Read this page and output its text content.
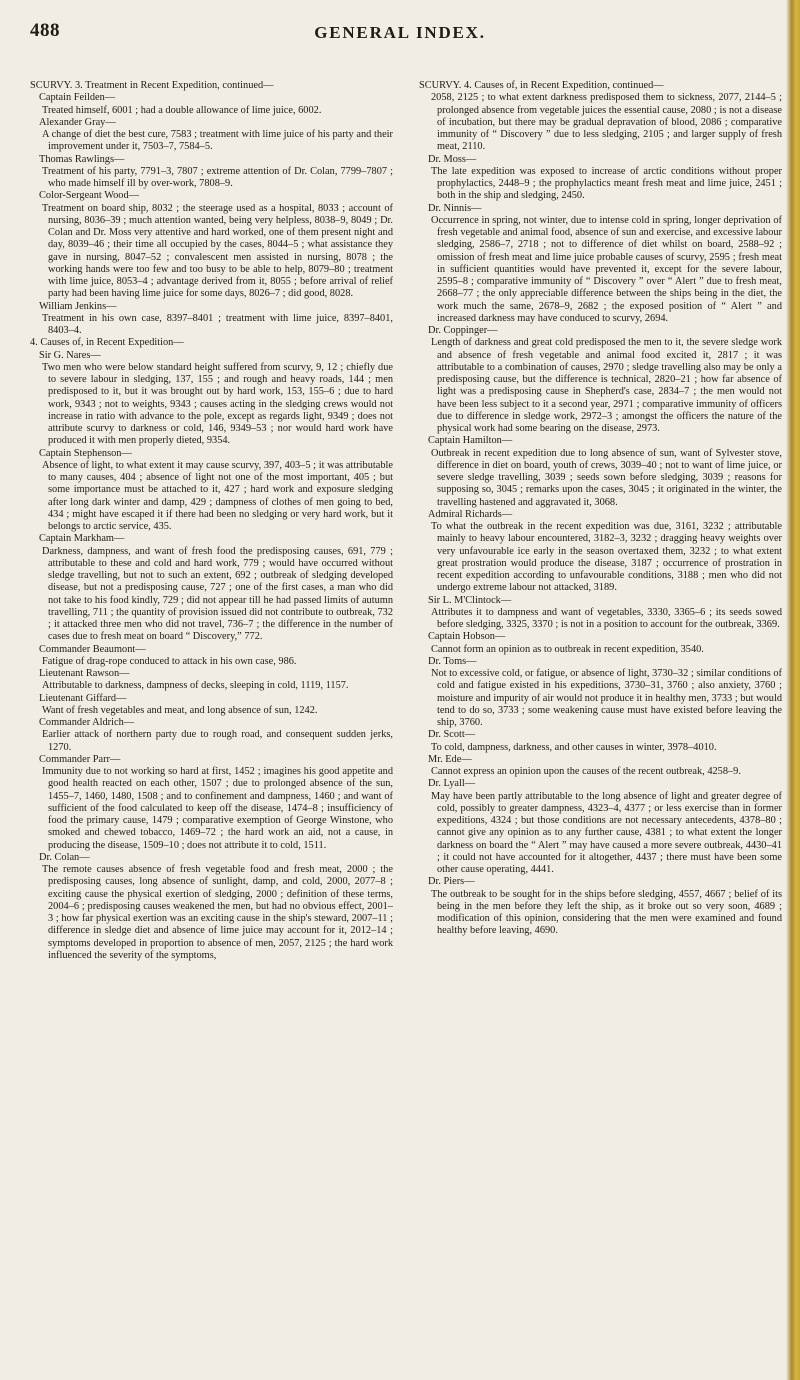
488	GENERAL INDEX.
SCURVY. 3. Treatment in Recent Expedition, continued—
Captain Feilden—
Treated himself, 6001 ; had a double allowance of lime juice, 6002.
Alexander Gray—
A change of diet the best cure, 7583 ; treatment with lime juice of his party and their improvement under it, 7503–7, 7584–5.
Thomas Rawlings—
Treatment of his party, 7791–3, 7807 ; extreme attention of Dr. Colan, 7799–7807 ; who made himself ill by over-work, 7808–9.
Color-Sergeant Wood—
Treatment on board ship, 8032 ; the steerage used as a hospital, 8033 ; account of nursing, 8036–39 ; much attention wanted, being very helpless, 8038–9, 8049 ; Dr. Colan and Dr. Moss very attentive and hard worked, one of them present night and day, 8039–46 ; their time all occupied by the cases, 8044–5 ; what assistance they gave in nursing, 8047–52 ; convalescent men assisted in nursing, 8078 ; the working hands were too few and too busy to be able to help, 8079–80 ; treatment with lime juice, 8053–4 ; advantage derived from it, 8055 ; before arrival of relief party had been having lime juice for some days, 8026–7 ; did good, 8028.
William Jenkins—
Treatment in his own case, 8397–8401 ; treatment with lime juice, 8397–8401, 8403–4.
4. Causes of, in Recent Expedition—
Sir G. Nares—
Two men who were below standard height suffered from scurvy, 9, 12 ; chiefly due to severe labour in sledging, 137, 155 ; and rough and heavy roads, 144 ; men predisposed to it, but it was brought out by hard work, 153, 155–6 ; due to hard work, 9343 ; not to weights, 9343 ; causes acting in the sledging crews would not increase in ratio with advance to the pole, except as regards light, 9349 ; does not attribute scurvy to darkness or cold, 146, 9349–53 ; nor would hard work have produced it with men properly dieted, 9354.
Captain Stephenson—
Absence of light, to what extent it may cause scurvy, 397, 403–5 ; it was attributable to many causes, 404 ; absence of light not one of the most important, 405 ; but some importance must be attached to it, 427 ; hard work and exposure sledging after long dark winter and damp, 429 ; dampness of clothes of men going to bed, 434 ; might have escaped it if there had been no sledging or very hard work, but it belongs to arctic service, 435.
Captain Markham—
Darkness, dampness, and want of fresh food the predisposing causes, 691, 779 ; attributable to these and cold and hard work, 779 ; would have occurred without sledge travelling, but not to such an extent, 692 ; outbreak of sledging developed disease, but not a predisposing cause, 727 ; one of the first cases, a man who did not take to his food kindly, 729 ; did not appear till he had passed limits of autumn travelling, 711 ; the quantity of provision issued did not contribute to outbreak, 732 ; it attacked three men who did not travel, 736–7 ; the difference in the number of cases due to fresh meat on board “ Discovery,” 772.
Commander Beaumont—
Fatigue of drag-rope conduced to attack in his own case, 986.
Lieutenant Rawson—
Attributable to darkness, dampness of decks, sleeping in cold, 1119, 1157.
Lieutenant Giffard—
Want of fresh vegetables and meat, and long absence of sun, 1242.
Commander Aldrich—
Earlier attack of northern party due to rough road, and consequent sudden jerks, 1270.
Commander Parr—
Immunity due to not working so hard at first, 1452 ; imagines his good appetite and good health reacted on each other, 1507 ; due to prolonged absence of the sun, 1455–7, 1460, 1480, 1508 ; and to confinement and dampness, 1460 ; and want of sufficient of the food calculated to keep off the disease, 1474–8 ; insufficiency of food the primary cause, 1479 ; comparative exemption of George Winstone, who smoked and chewed tobacco, 1469–72 ; the hard work an aid, not a cause, in producing the disease, 1509–10 ; does not attribute it to cold, 1511.
Dr. Colan—
The remote causes absence of fresh vegetable food and fresh meat, 2000 ; the predisposing causes, long absence of sunlight, damp, and cold, 2000, 2077–8 ; exciting cause the physical exertion of sledging, 2000 ; definition of these terms, 2004–6 ; predisposing causes weakened the men, but had no obvious effect, 2001–3 ; how far physical exertion was an exciting cause in the ship's steward, 2007–11 ; difference in sledge diet and absence of lime juice may account for it, 2012–14 ; symptoms developed in proportion to absence of men, 2057, 2125 ; the hard work influenced the severity of the symptoms,
SCURVY. 4. Causes of, in Recent Expedition, continued—
2058, 2125 ; to what extent darkness predisposed them to sickness, 2077, 2144–5 ; prolonged absence from vegetable juices the essential cause, 2080 ; is not a disease of incubation, but there may be gradual depravation of blood, 2086 ; comparative immunity of “ Discovery ” due to less sledging, 2105 ; and larger supply of fresh meat, 2110.
Dr. Moss—
The late expedition was exposed to increase of arctic conditions without proper prophylactics, 2448–9 ; the prophylactics meant fresh meat and lime juice, 2451 ; both in the ship and sledging, 2450.
Dr. Ninnis—
Occurrence in spring, not winter, due to intense cold in spring, longer deprivation of fresh vegetable and animal food, absence of sun and exercise, and excessive labour sledging, 2586–7, 2718 ; not to difference of diet whilst on board, 2588–92 ; omission of fresh meat and lime juice probable causes of scurvy, 2595 ; fresh meat in sufficient quantities would have prevented it, except for the severe labour, 2595–8 ; comparative immunity of “ Discovery ” over “ Alert ” due to fresh meat, 2668–77 ; the only appreciable difference between the ships being in the diet, the work much the same, 2678–9, 2682 ; the exposed position of “ Alert ” and increased darkness may have conduced to scurvy, 2694.
Dr. Coppinger—
Length of darkness and great cold predisposed the men to it, the severe sledge work and absence of fresh vegetable and animal food excited it, 2817 ; it was attributable to a combination of causes, 2970 ; sledge travelling also may be only a predisposing cause, but the difference is technical, 2820–21 ; how far absence of light was a predisposing cause in Shepherd's case, 2834–7 ; the men would not have been less subject to it a second year, 2971 ; comparative immunity of officers due to difference in sledge work, 2972–3 ; amongst the officers the nature of the physical work had some bearing on the disease, 2973.
Captain Hamilton—
Outbreak in recent expedition due to long absence of sun, want of Sylvester stove, difference in diet on board, youth of crews, 3039–40 ; not to want of lime juice, or severe sledge travelling, 3039 ; seeds sown before sledging, 3039 ; reasons for supposing so, 3045 ; remarks upon the cases, 3045 ; it originated in the winter, the travelling hastened and aggravated it, 3068.
Admiral Richards—
To what the outbreak in the recent expedition was due, 3161, 3232 ; attributable mainly to heavy labour encountered, 3182–3, 3232 ; dragging heavy weights over very unfavourable ice early in the season overtaxed them, 3232 ; to what extent great prostration would produce the disease, 3187 ; occurrence of prostration in recent expedition according to unfavourable conditions, 3188 ; men who did not undergo extreme labour not attacked, 3189.
Sir L. M'Clintock—
Attributes it to dampness and want of vegetables, 3330, 3365–6 ; its seeds sowed before sledging, 3325, 3370 ; is not in a position to account for the outbreak, 3369.
Captain Hobson—
Cannot form an opinion as to outbreak in recent expedition, 3540.
Dr. Toms—
Not to excessive cold, or fatigue, or absence of light, 3730–32 ; similar conditions of cold and fatigue existed in his expeditions, 3730–31, 3760 ; also anxiety, 3760 ; moisture and impurity of air would not produce it in healthy men, 3733 ; but would tend to do so, 3733 ; some weakening cause must have existed before leaving the ship, 3760.
Dr. Scott—
To cold, dampness, darkness, and other causes in winter, 3978–4010.
Mr. Ede—
Cannot express an opinion upon the causes of the recent outbreak, 4258–9.
Dr. Lyall—
May have been partly attributable to the long absence of light and greater degree of cold, possibly to greater dampness, 4323–4, 4377 ; or less exercise than in former expeditions, 4324 ; but those conditions are not necessary antecedents, 4378–80 ; cannot give any opinion as to any further cause, 4381 ; to what extent the longer darkness on board the “ Alert ” may have caused a more severe outbreak, 4430–41 ; it could not have accounted for it altogether, 4437 ; there must have been some other cause operating, 4441.
Dr. Piers—
The outbreak to be sought for in the ships before sledging, 4557, 4667 ; belief of its being in the men before they left the ship, as it broke out so very soon, 4689 ; modification of this opinion, considering that the men were examined and found healthy before leaving, 4690.
